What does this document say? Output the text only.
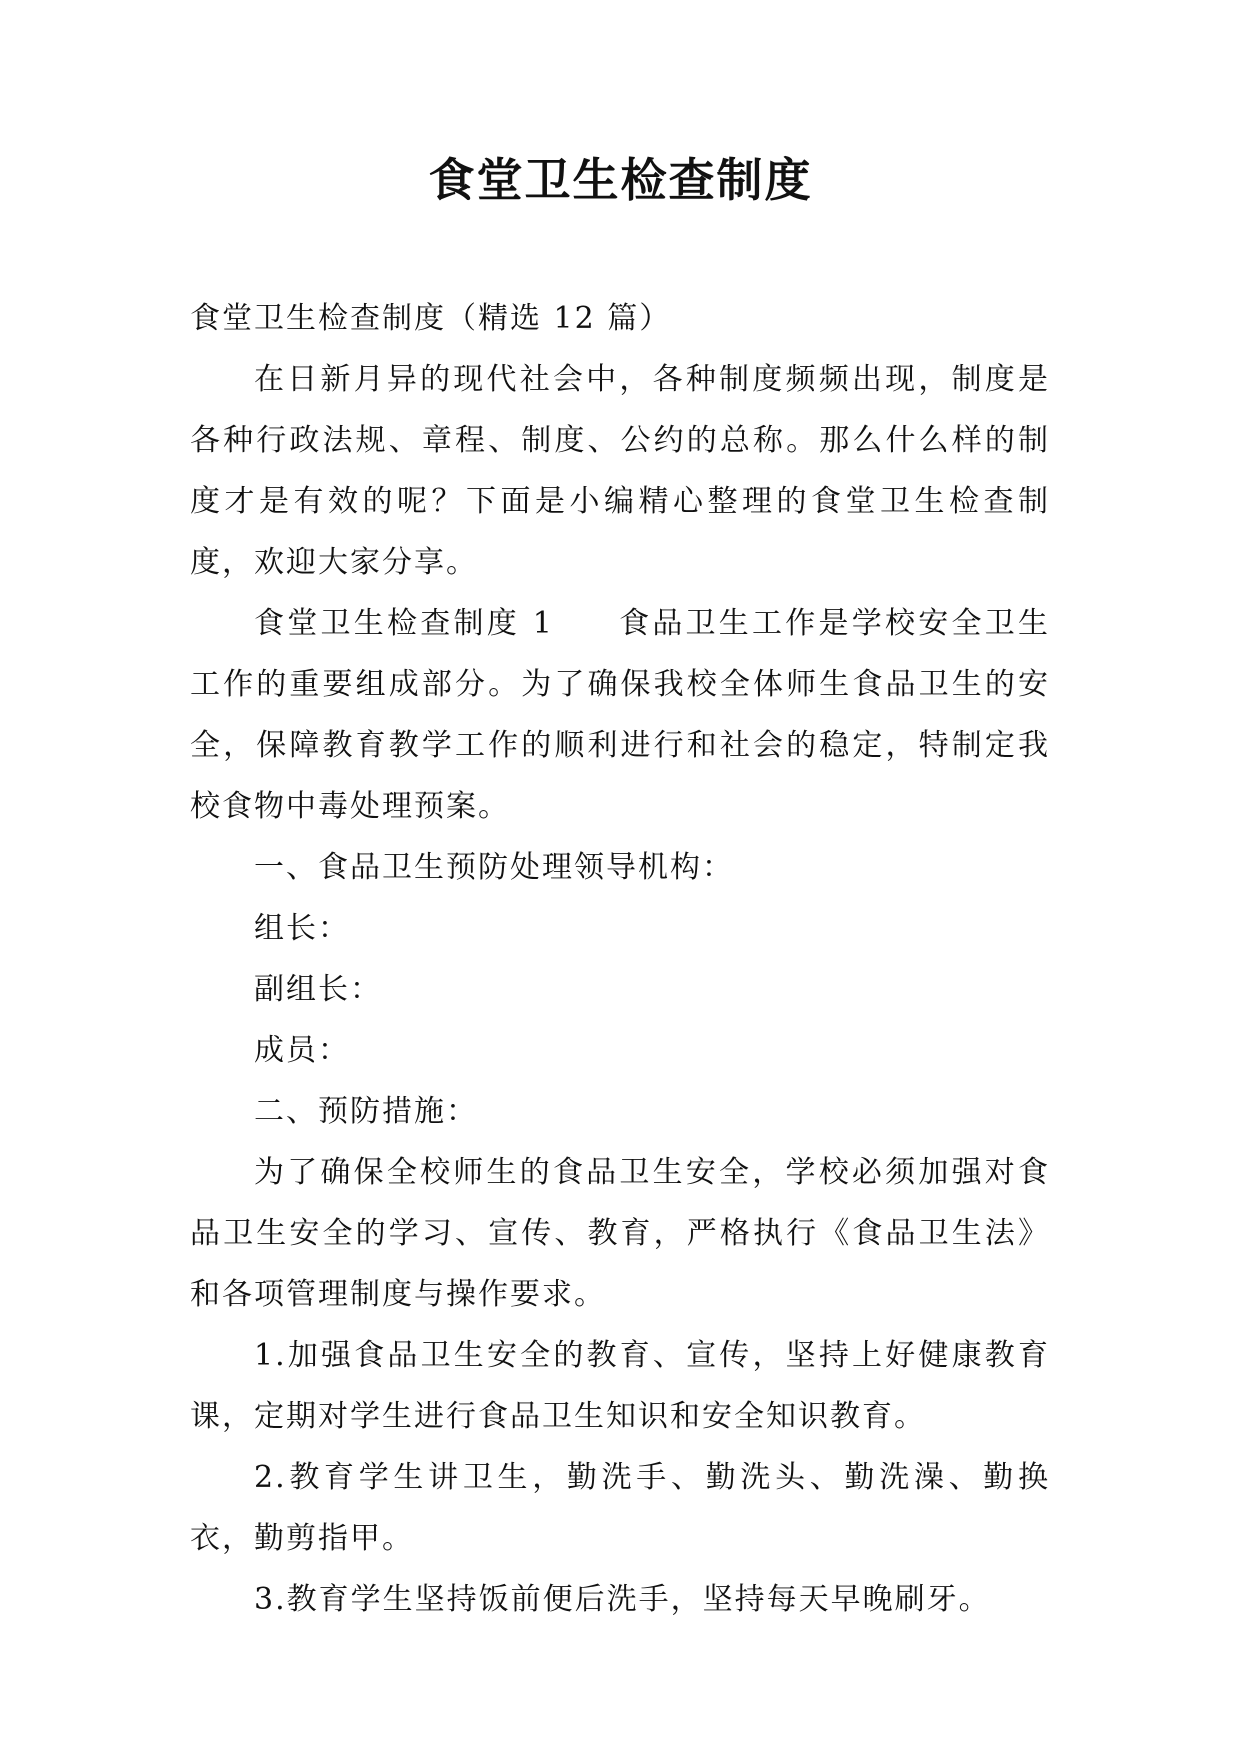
食堂卫生检查制度

食堂卫生检查制度（精选 12 篇）

在日新月异的现代社会中，各种制度频频出现，制度是各种行政法规、章程、制度、公约的总称。那么什么样的制度才是有效的呢？下面是小编精心整理的食堂卫生检查制度，欢迎大家分享。

食堂卫生检查制度 1 食品卫生工作是学校安全卫生工作的重要组成部分。为了确保我校全体师生食品卫生的安全，保障教育教学工作的顺利进行和社会的稳定，特制定我校食物中毒处理预案。

一、食品卫生预防处理领导机构：

组长：

副组长：

成员：

二、预防措施：

为了确保全校师生的食品卫生安全，学校必须加强对食品卫生安全的学习、宣传、教育，严格执行《食品卫生法》和各项管理制度与操作要求。

1.加强食品卫生安全的教育、宣传，坚持上好健康教育课，定期对学生进行食品卫生知识和安全知识教育。

2.教育学生讲卫生，勤洗手、勤洗头、勤洗澡、勤换衣，勤剪指甲。

3.教育学生坚持饭前便后洗手，坚持每天早晚刷牙。
